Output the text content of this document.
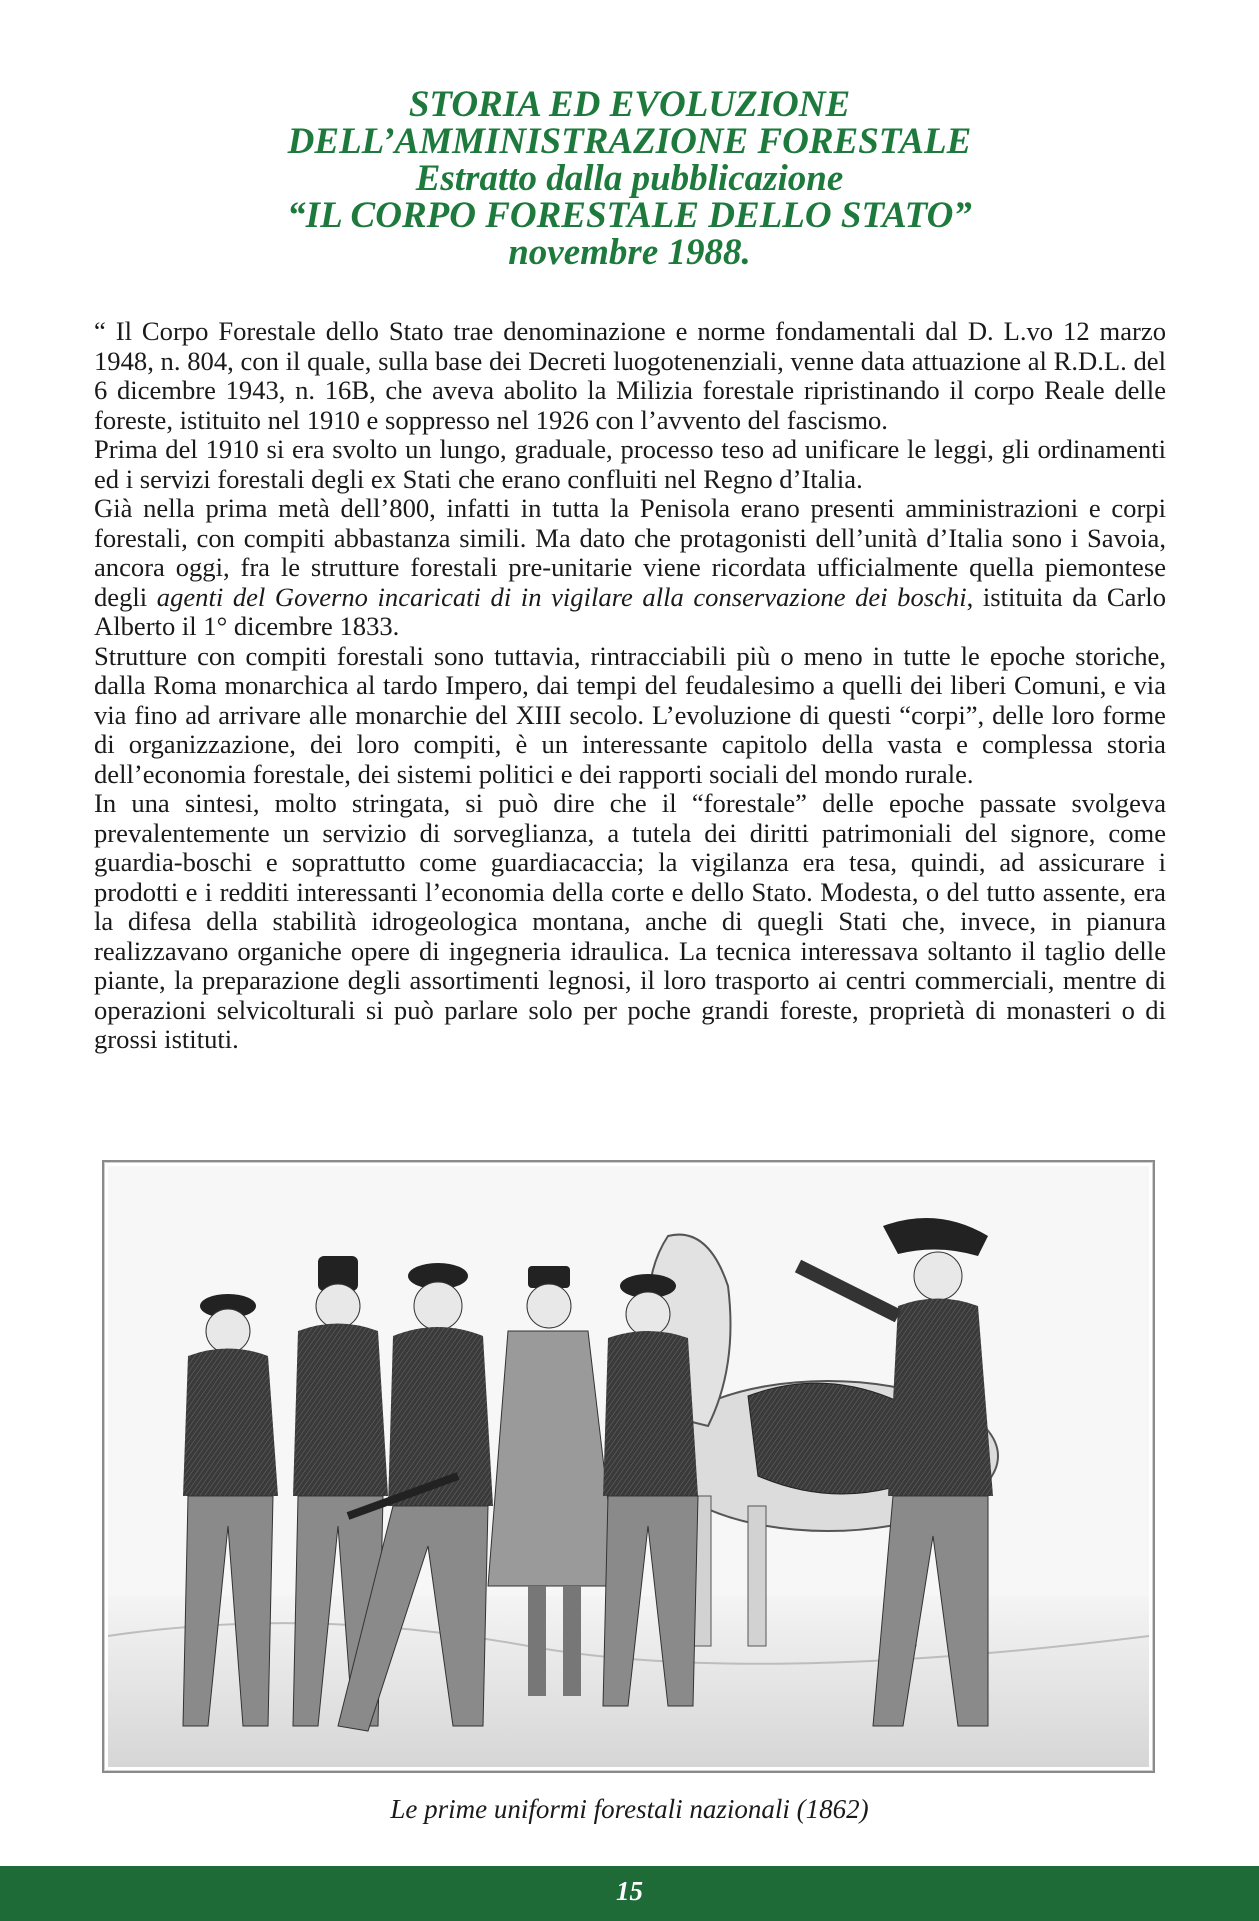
STORIA ED EVOLUZIONE
DELL’AMMINISTRAZIONE FORESTALE
Estratto dalla pubblicazione
“IL CORPO FORESTALE DELLO STATO”
novembre 1988.

“ Il Corpo Forestale dello Stato trae denominazione e norme fondamentali dal D. L.vo 12 marzo 1948, n. 804, con il quale, sulla base dei Decreti luogotenenziali, venne data attuazione al R.D.L. del 6 dicembre 1943, n. 16B, che aveva abolito la Milizia forestale ripristinando il corpo Reale delle foreste, istituito nel 1910 e soppresso nel 1926 con l’avvento del fascismo.

Prima del 1910 si era svolto un lungo, graduale, processo teso ad unificare le leggi, gli ordinamenti ed i servizi forestali degli ex Stati che erano confluiti nel Regno d’Italia.

Già nella prima metà dell’800, infatti in tutta la Penisola erano presenti amministrazioni e corpi forestali, con compiti abbastanza simili. Ma dato che protagonisti dell’unità d’Italia sono i Savoia, ancora oggi, fra le strutture forestali pre-unitarie viene ricordata ufficialmente quella piemontese degli agenti del Governo incaricati di in vigilare alla conservazione dei boschi, istituita da Carlo Alberto il 1° dicembre 1833.

Strutture con compiti forestali sono tuttavia, rintracciabili più o meno in tutte le epoche storiche, dalla Roma monarchica al tardo Impero, dai tempi del feudalesimo a quelli dei liberi Comuni, e via via fino ad arrivare alle monarchie del XIII secolo. L’evoluzione di questi “corpi”, delle loro forme di organizzazione, dei loro compiti, è un interessante capitolo della vasta e complessa storia dell’economia forestale, dei sistemi politici e dei rapporti sociali del mondo rurale.

In una sintesi, molto stringata, si può dire che il “forestale” delle epoche passate svolgeva prevalentemente un servizio di sorveglianza, a tutela dei diritti patrimoniali del signore, come guardia-boschi e soprattutto come guardiacaccia; la vigilanza era tesa, quindi, ad assicurare i prodotti e i redditi interessanti l’economia della corte e dello Stato. Modesta, o del tutto assente, era la difesa della stabilità idrogeologica montana, anche di quegli Stati che, invece, in pianura realizzavano organiche opere di ingegneria idraulica. La tecnica interessava soltanto il taglio delle piante, la preparazione degli assortimenti legnosi, il loro trasporto ai centri commerciali, mentre di operazioni selvicolturali si può parlare solo per poche grandi foreste, proprietà di monasteri o di grossi istituti.

Le prime uniformi forestali nazionali (1862)
15
